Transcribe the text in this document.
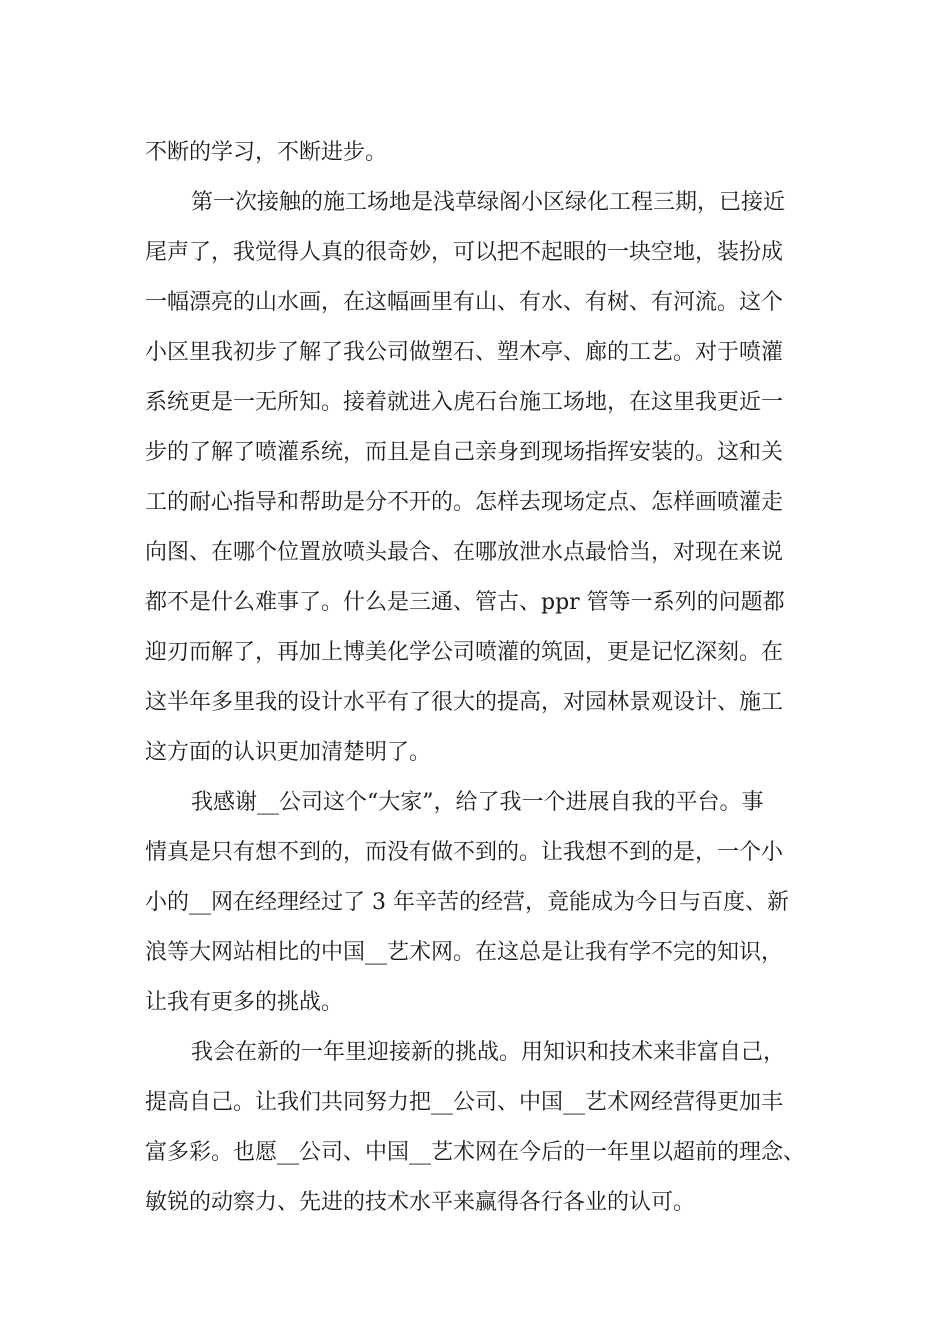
不断的学习，不断进步。
第一次接触的施工场地是浅草绿阁小区绿化工程三期，已接近
尾声了，我觉得人真的很奇妙，可以把不起眼的一块空地，装扮成
一幅漂亮的山水画，在这幅画里有山、有水、有树、有河流。这个
小区里我初步了解了我公司做塑石、塑木亭、廊的工艺。对于喷灌
系统更是一无所知。接着就进入虎石台施工场地，在这里我更近一
步的了解了喷灌系统，而且是自己亲身到现场指挥安装的。这和关
工的耐心指导和帮助是分不开的。怎样去现场定点、怎样画喷灌走
向图、在哪个位置放喷头最合、在哪放泄水点最恰当，对现在来说
都不是什么难事了。什么是三通、管古、ppr 管等一系列的问题都
迎刃而解了，再加上博美化学公司喷灌的筑固，更是记忆深刻。在
这半年多里我的设计水平有了很大的提高，对园林景观设计、施工
这方面的认识更加清楚明了。
我感谢__公司这个“大家”，给了我一个进展自我的平台。事
情真是只有想不到的，而没有做不到的。让我想不到的是，一个小
小的__网在经理经过了 3 年辛苦的经营，竟能成为今日与百度、新
浪等大网站相比的中国__艺术网。在这总是让我有学不完的知识，
让我有更多的挑战。
我会在新的一年里迎接新的挑战。用知识和技术来非富自己，
提高自己。让我们共同努力把__公司、中国__艺术网经营得更加丰
富多彩。也愿__公司、中国__艺术网在今后的一年里以超前的理念、
敏锐的动察力、先进的技术水平来赢得各行各业的认可。
